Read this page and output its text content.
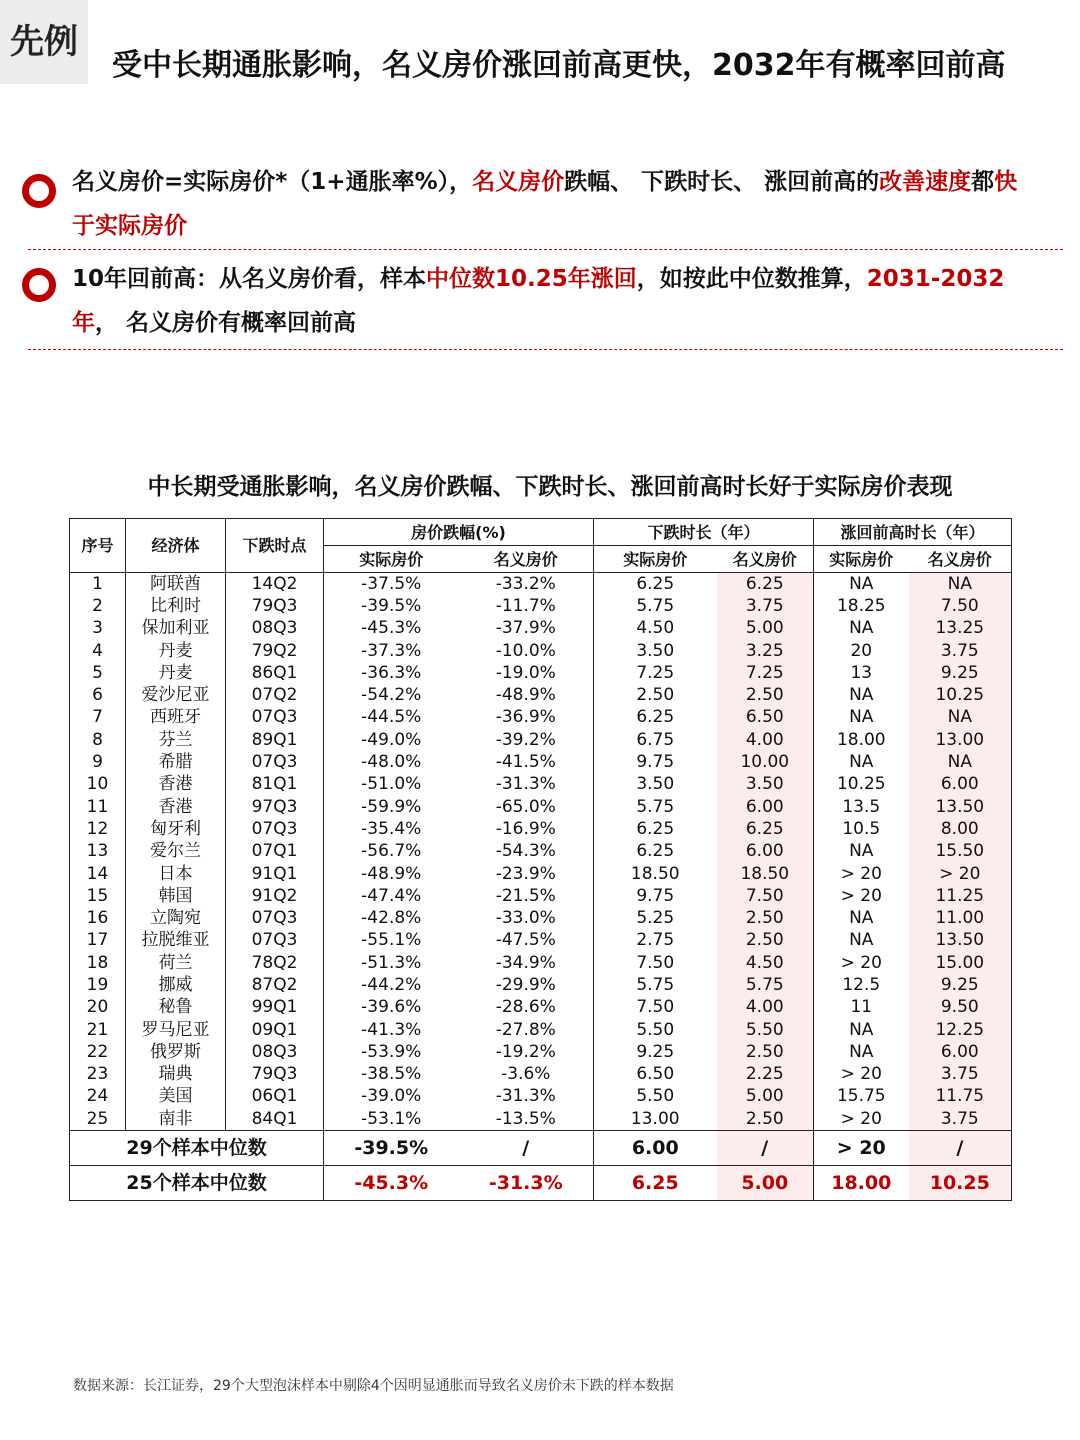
先例
受中长期通胀影响，名义房价涨回前高更快，2032年有概率回前高
名义房价=实际房价*（1+通胀率%），名义房价跌幅、 下跌时长、 涨回前高的改善速度都快于实际房价
10年回前高：从名义房价看，样本中位数10.25年涨回，如按此中位数推算，2031-2032年， 名义房价有概率回前高
中长期受通胀影响，名义房价跌幅、下跌时长、涨回前高时长好于实际房价表现
序号	经济体	下跌时点	房价跌幅(%)		下跌时长（年）		涨回前高时长（年）	
			实际房价	名义房价	实际房价	名义房价	实际房价	名义房价
1	阿联酋	14Q2	-37.5%	-33.2%	6.25	6.25	NA	NA
2	比利时	79Q3	-39.5%	-11.7%	5.75	3.75	18.25	7.50
3	保加利亚	08Q3	-45.3%	-37.9%	4.50	5.00	NA	13.25
4	丹麦	79Q2	-37.3%	-10.0%	3.50	3.25	20	3.75
5	丹麦	86Q1	-36.3%	-19.0%	7.25	7.25	13	9.25
6	爱沙尼亚	07Q2	-54.2%	-48.9%	2.50	2.50	NA	10.25
7	西班牙	07Q3	-44.5%	-36.9%	6.25	6.50	NA	NA
8	芬兰	89Q1	-49.0%	-39.2%	6.75	4.00	18.00	13.00
9	希腊	07Q3	-48.0%	-41.5%	9.75	10.00	NA	NA
10	香港	81Q1	-51.0%	-31.3%	3.50	3.50	10.25	6.00
11	香港	97Q3	-59.9%	-65.0%	5.75	6.00	13.5	13.50
12	匈牙利	07Q3	-35.4%	-16.9%	6.25	6.25	10.5	8.00
13	爱尔兰	07Q1	-56.7%	-54.3%	6.25	6.00	NA	15.50
14	日本	91Q1	-48.9%	-23.9%	18.50	18.50	> 20	> 20
15	韩国	91Q2	-47.4%	-21.5%	9.75	7.50	> 20	11.25
16	立陶宛	07Q3	-42.8%	-33.0%	5.25	2.50	NA	11.00
17	拉脱维亚	07Q3	-55.1%	-47.5%	2.75	2.50	NA	13.50
18	荷兰	78Q2	-51.3%	-34.9%	7.50	4.50	> 20	15.00
19	挪威	87Q2	-44.2%	-29.9%	5.75	5.75	12.5	9.25
20	秘鲁	99Q1	-39.6%	-28.6%	7.50	4.00	11	9.50
21	罗马尼亚	09Q1	-41.3%	-27.8%	5.50	5.50	NA	12.25
22	俄罗斯	08Q3	-53.9%	-19.2%	9.25	2.50	NA	6.00
23	瑞典	79Q3	-38.5%	-3.6%	6.50	2.25	> 20	3.75
24	美国	06Q1	-39.0%	-31.3%	5.50	5.00	15.75	11.75
25	南非	84Q1	-53.1%	-13.5%	13.00	2.50	> 20	3.75
29个样本中位数			-39.5%	/	6.00	/	> 20	/
25个样本中位数			-45.3%	-31.3%	6.25	5.00	18.00	10.25
数据来源：长江证券，29个大型泡沫样本中剔除4个因明显通胀而导致名义房价未下跌的样本数据
